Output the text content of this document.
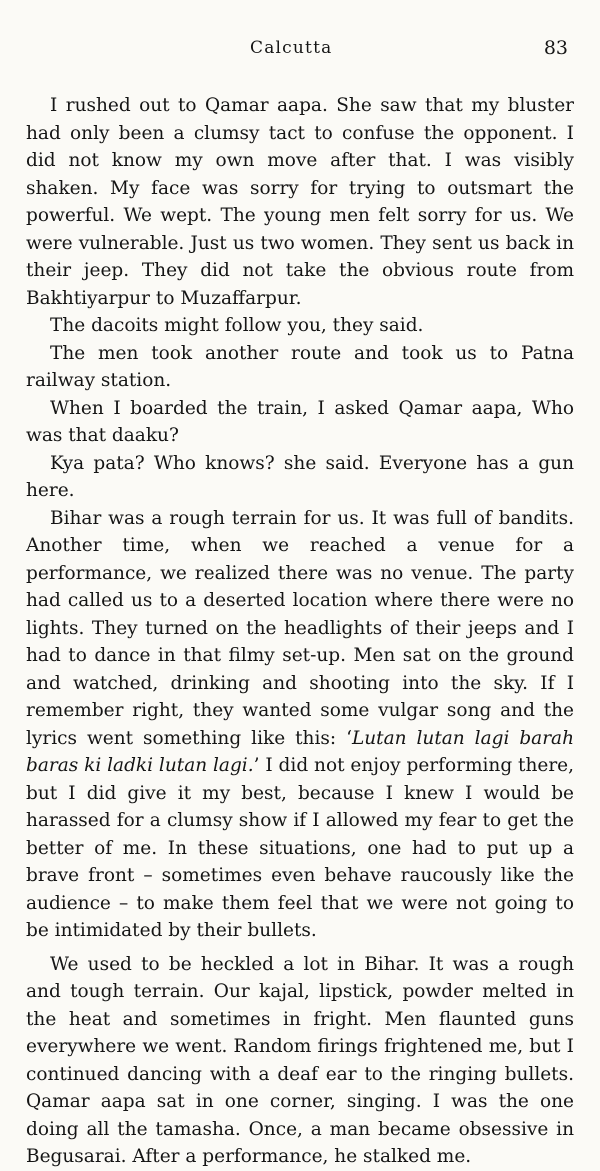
Calcutta	83

I rushed out to Qamar aapa. She saw that my bluster had only been a clumsy tact to confuse the opponent. I did not know my own move after that. I was visibly shaken. My face was sorry for trying to outsmart the powerful. We wept. The young men felt sorry for us. We were vulnerable. Just us two women. They sent us back in their jeep. They did not take the obvious route from Bakhtiyarpur to Muzaffarpur.

The dacoits might follow you, they said.

The men took another route and took us to Patna railway station.

When I boarded the train, I asked Qamar aapa, Who was that daaku?

Kya pata? Who knows? she said. Everyone has a gun here.

Bihar was a rough terrain for us. It was full of bandits. Another time, when we reached a venue for a performance, we realized there was no venue. The party had called us to a deserted location where there were no lights. They turned on the headlights of their jeeps and I had to dance in that filmy set-up. Men sat on the ground and watched, drinking and shooting into the sky. If I remember right, they wanted some vulgar song and the lyrics went something like this: ‘Lutan lutan lagi barah baras ki ladki lutan lagi.’ I did not enjoy performing there, but I did give it my best, because I knew I would be harassed for a clumsy show if I allowed my fear to get the better of me. In these situations, one had to put up a brave front – sometimes even behave raucously like the audience – to make them feel that we were not going to be intimidated by their bullets.

We used to be heckled a lot in Bihar. It was a rough and tough terrain. Our kajal, lipstick, powder melted in the heat and sometimes in fright. Men flaunted guns everywhere we went. Random firings frightened me, but I continued dancing with a deaf ear to the ringing bullets. Qamar aapa sat in one corner, singing. I was the one doing all the tamasha. Once, a man became obsessive in Begusarai. After a performance, he stalked me.
